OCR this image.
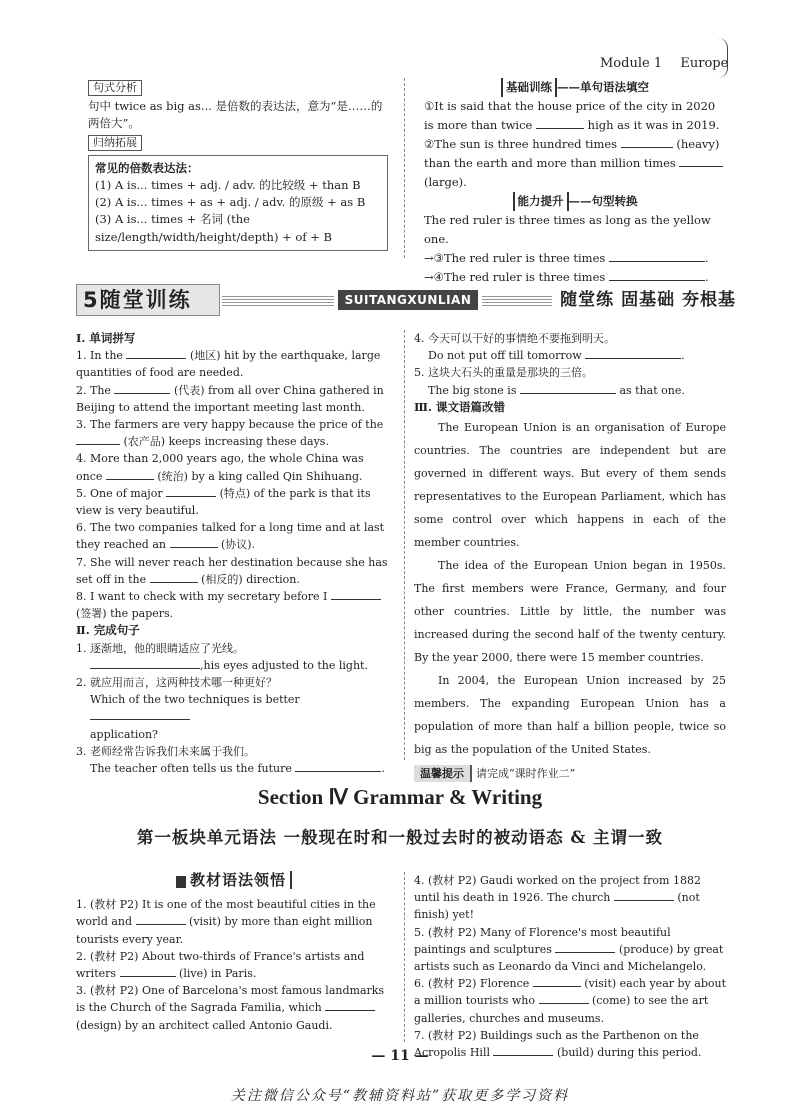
Module 1 Europe
句式分析

句中 twice as big as... 是倍数的表达法，意为“是……的两倍大”。

归纳拓展

常见的倍数表达法：

(1) A is... times + adj. / adv. 的比较级 + than B

(2) A is... times + as + adj. / adv. 的原级 + as B

(3) A is... times + 名词 (the size/length/width/height/depth) + of + B

基础训练 ——单句语法填空

①It is said that the house price of the city in 2020 is more than twice	high as it was in 2019.

②The sun is three hundred times	(heavy) than the earth and more than million times  (large).

能力提升 ——句型转换

The red ruler is three times as long as the yellow one.

→③The red ruler is three times	.

→④The red ruler is three times	.

5随堂训练	SUITANGXUNLIAN	随堂练 固基础 夯根基

Ⅰ. 单词拼写

1. In the	(地区) hit by the earthquake, large quantities of food are needed.

2. The	(代表) from all over China gathered in Beijing to attend the important meeting last month.

3. The farmers are very happy because the price of the  (农产品) keeps increasing these days.

4. More than 2,000 years ago, the whole China was once	(统治) by a king called Qin Shihuang.

5. One of major	(特点) of the park is that its view is very beautiful.

6. The two companies talked for a long time and at last they reached an	(协议).

7. She will never reach her destination because she has set off in the	(相反的) direction.

8. I want to check with my secretary before I  (签署) the papers.

Ⅱ. 完成句子

1. 逐渐地，他的眼睛适应了光线。

,his eyes adjusted to the light.

2. 就应用而言，这两种技术哪一种更好？

Which of the two techniques is better

application?

3. 老师经常告诉我们未来属于我们。

The teacher often tells us the future	.

4. 今天可以干好的事情绝不要拖到明天。

Do not put off till tomorrow	.

5. 这块大石头的重量是那块的三倍。

The big stone is	as that one.

Ⅲ. 课文语篇改错

The European Union is an organisation of Europe countries. The countries are independent but are governed in different ways. But every of them sends representatives to the European Parliament, which has some control over which happens in each of the member countries.

The idea of the European Union began in 1950s. The first members were France, Germany, and four other countries. Little by little, the number was increased during the second half of the twenty century. By the year 2000, there were 15 member countries.

In 2004, the European Union increased by 25 members. The expanding European Union has a population of more than half a billion people, twice so big as the population of the United States.

温馨提示 请完成“课时作业二”

Section Ⅳ Grammar & Writing
第一板块单元语法 一般现在时和一般过去时的被动语态 & 主谓一致

教材语法领悟

1. (教材 P2) It is one of the most beautiful cities in the world and	(visit) by more than eight million tourists every year.

2. (教材 P2) About two-thirds of France's artists and writers	(live) in Paris.

3. (教材 P2) One of Barcelona's most famous landmarks is the Church of the Sagrada Familia, which  (design) by an architect called Antonio Gaudi.

4. (教材 P2) Gaudi worked on the project from 1882 until his death in 1926. The church	(not finish) yet!

5. (教材 P2) Many of Florence's most beautiful paintings and sculptures	(produce) by great artists such as Leonardo da Vinci and Michelangelo.

6. (教材 P2) Florence	(visit) each year by about a million tourists who	(come) to see the art galleries, churches and museums.

7. (教材 P2) Buildings such as the Parthenon on the Acropolis Hill	(build) during this period.

— 11 —
关注微信公众号“教辅资料站”获取更多学习资料
